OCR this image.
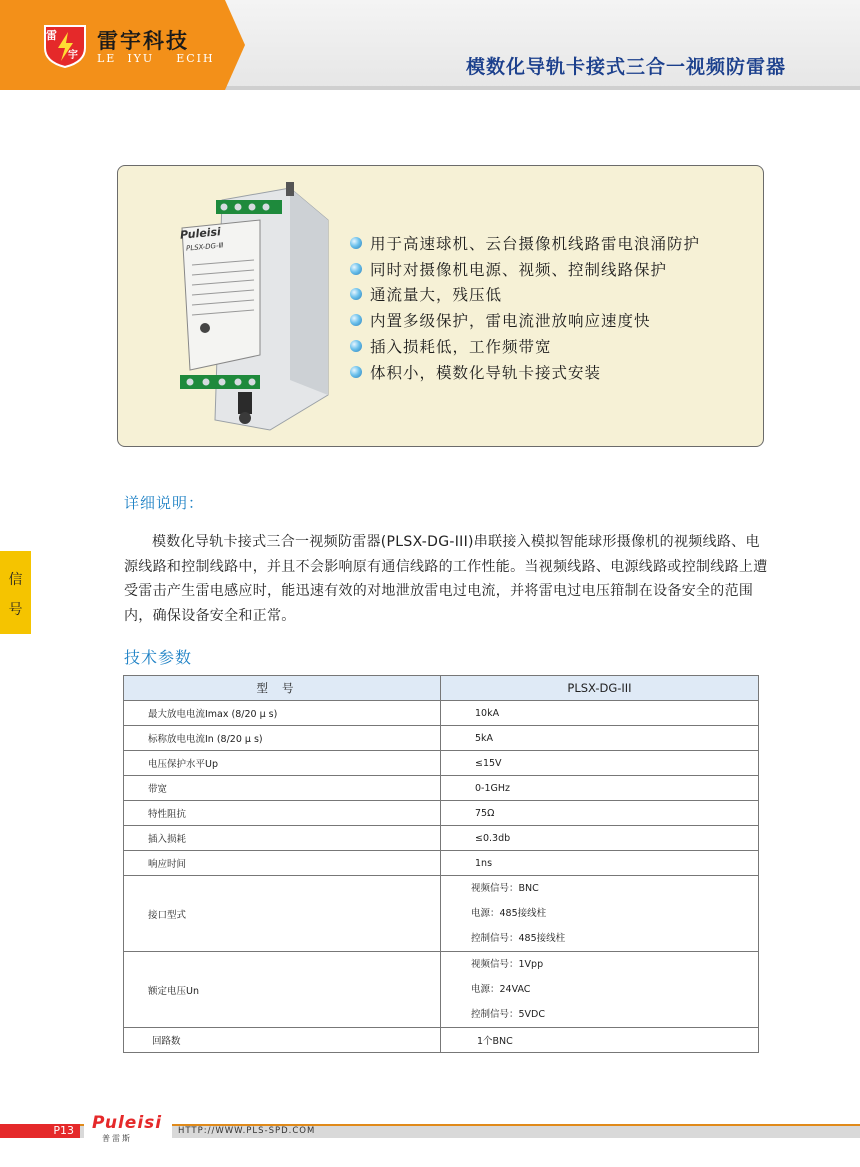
雷
宇
雷宇科技
LE  IYU    ECIH	模数化导轨卡接式三合一视频防雷器
Puleisi
PLSX-DG-Ⅲ	用于高速球机、云台摄像机线路雷电浪涌防护
同时对摄像机电源、视频、控制线路保护
通流量大，残压低
内置多级保护，雷电流泄放响应速度快
插入损耗低，工作频带宽
体积小，模数化导轨卡接式安装
信
号
详细说明：
模数化导轨卡接式三合一视频防雷器(PLSX-DG-III)串联接入模拟智能球形摄像机的视频线路、电源线路和控制线路中，并且不会影响原有通信线路的工作性能。当视频线路、电源线路或控制线路上遭受雷击产生雷电感应时，能迅速有效的对地泄放雷电过电流，并将雷电过电压箝制在设备安全的范围内，确保设备安全和正常。
技术参数
型号	PLSX-DG-III
最大放电电流Imax (8/20 μ s)	10kA
标称放电电流In (8/20 μ s)	5kA
电压保护水平Up	≤15V
带宽	0-1GHz
特性阻抗	75Ω
插入损耗	≤0.3db
响应时间	1ns
接口型式	视频信号：BNC
电源：485接线柱
控制信号：485接线柱

额定电压Un	视频信号：1Vpp
电源：24VAC
控制信号：5VDC

回路数	1个BNC
P13	Puleisi
普雷斯
HTTP://WWW.PLS-SPD.COM
